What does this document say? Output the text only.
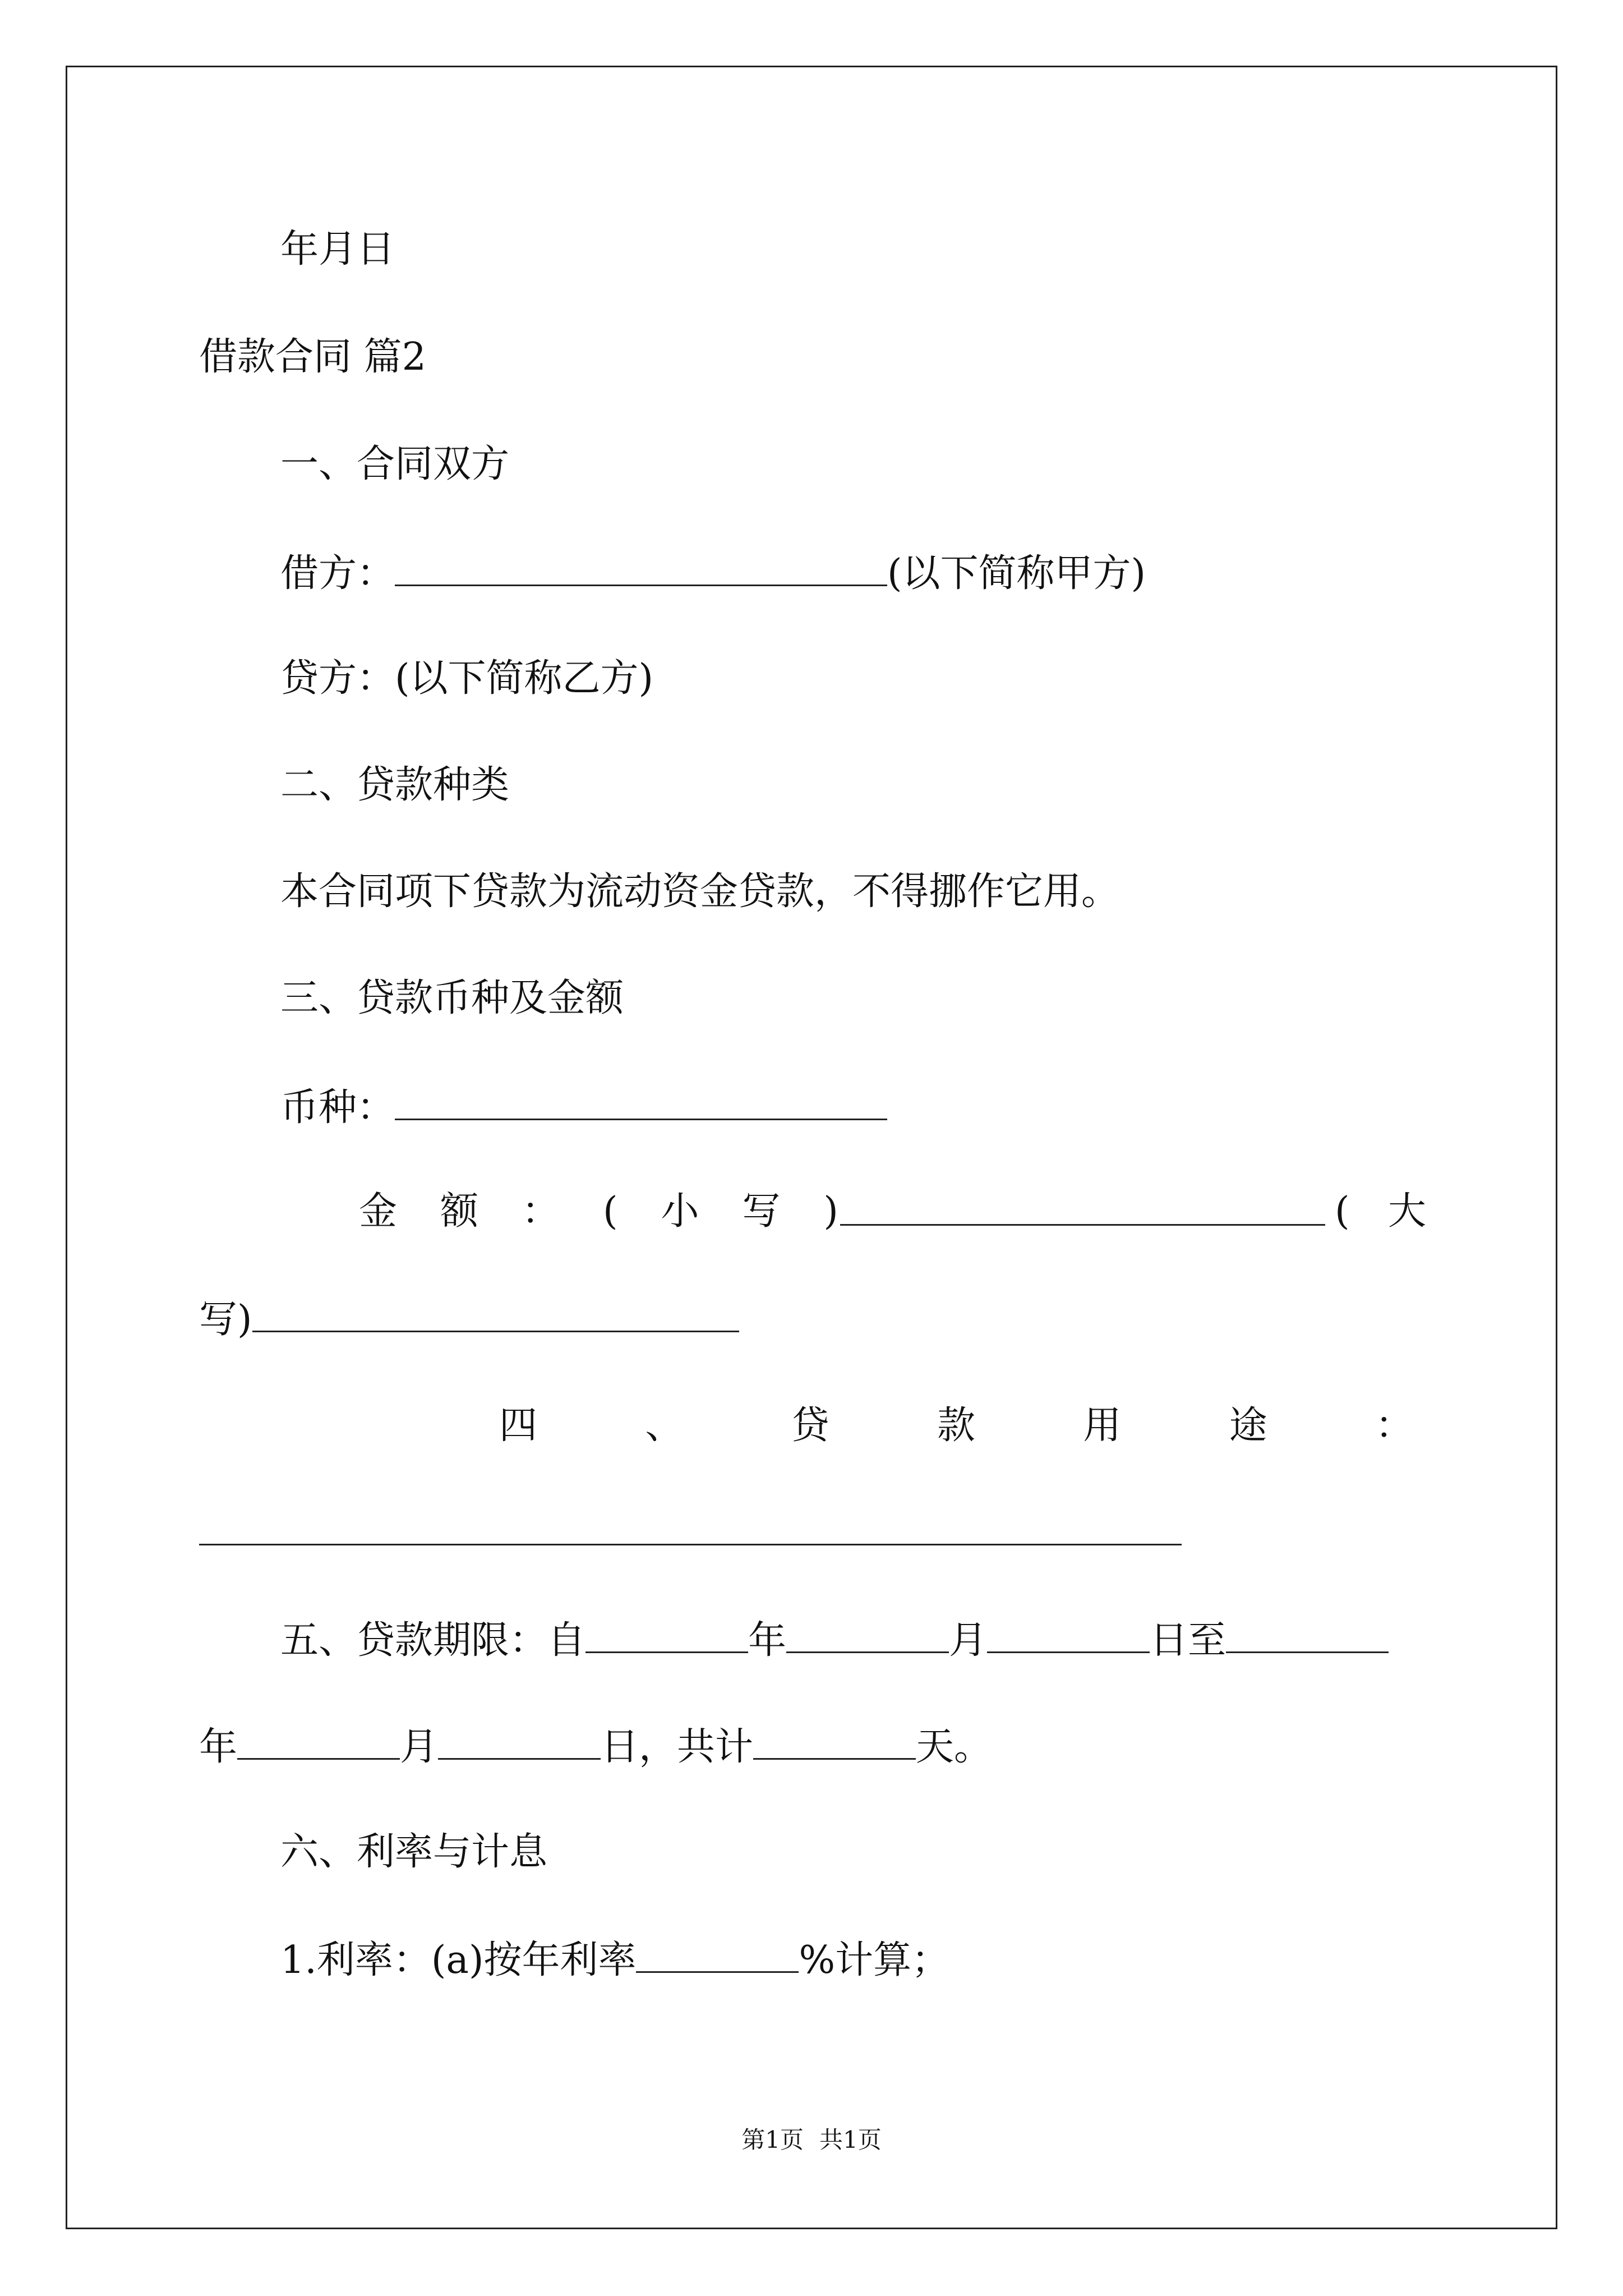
年月日
借款合同 篇2
一、合同双方
借方：	(以下简称甲方)
贷方：(以下简称乙方)
二、贷款种类
本合同项下贷款为流动资金贷款，不得挪作它用。
三、贷款币种及金额
币种：
金 额 ： ( 小 写 )	( 大
写)
四	、	贷	款	用	途	：
五、贷款期限：自	年	月	日至
年	月	日，共计	天。
六、利率与计息
1.利率：(a)按年利率	%计算；
第1页 共1页
